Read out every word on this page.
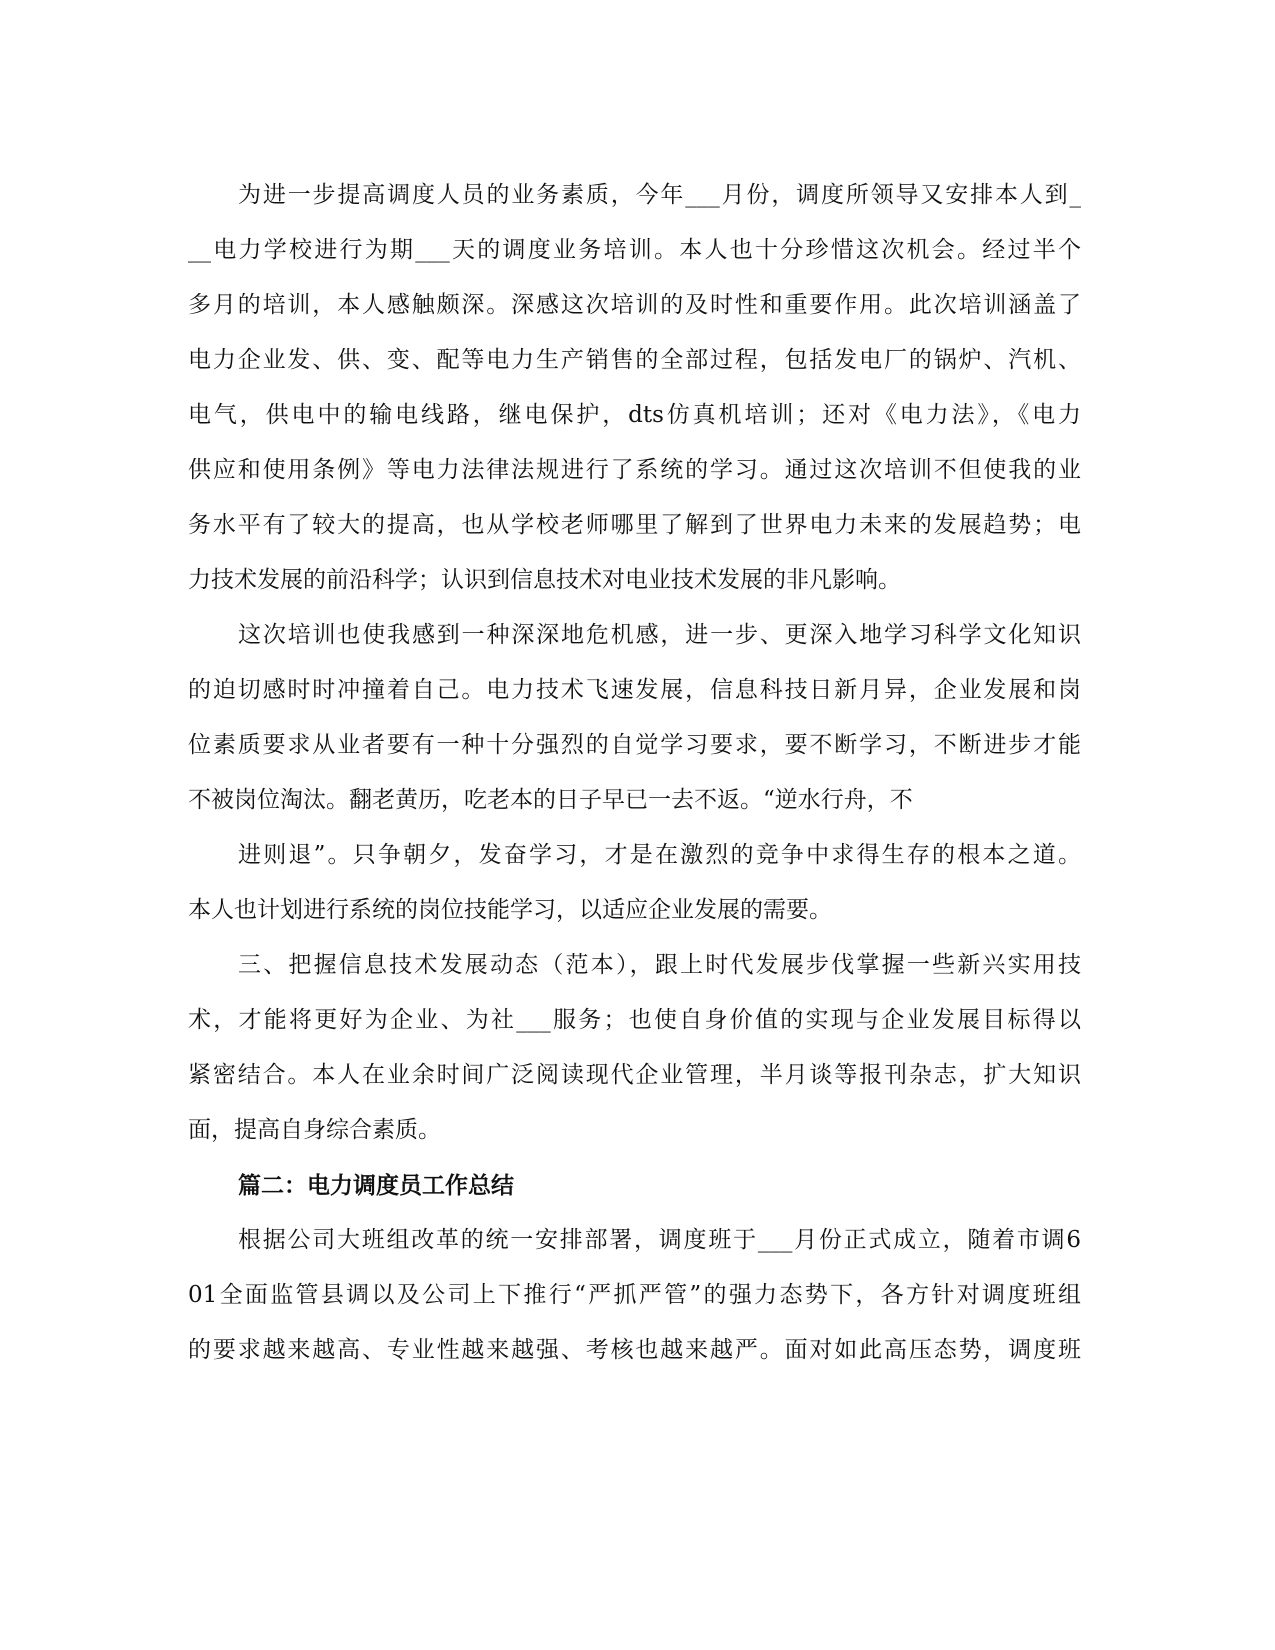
为进一步提高调度人员的业务素质，今年___月份，调度所领导又安排本人到_
__电力学校进行为期___天的调度业务培训。本人也十分珍惜这次机会。经过半个
多月的培训，本人感触颇深。深感这次培训的及时性和重要作用。此次培训涵盖了
电力企业发、供、变、配等电力生产销售的全部过程，包括发电厂的锅炉、汽机、
电气，供电中的输电线路，继电保护，dts仿真机培训；还对《电力法》，《电力
供应和使用条例》等电力法律法规进行了系统的学习。通过这次培训不但使我的业
务水平有了较大的提高，也从学校老师哪里了解到了世界电力未来的发展趋势；电
力技术发展的前沿科学；认识到信息技术对电业技术发展的非凡影响。
这次培训也使我感到一种深深地危机感，进一步、更深入地学习科学文化知识
的迫切感时时冲撞着自己。电力技术飞速发展，信息科技日新月异，企业发展和岗
位素质要求从业者要有一种十分强烈的自觉学习要求，要不断学习，不断进步才能
不被岗位淘汰。翻老黄历，吃老本的日子早已一去不返。“逆水行舟，不
进则退”。只争朝夕，发奋学习，才是在激烈的竞争中求得生存的根本之道。
本人也计划进行系统的岗位技能学习，以适应企业发展的需要。
三、把握信息技术发展动态（范本），跟上时代发展步伐掌握一些新兴实用技
术，才能将更好为企业、为社___服务；也使自身价值的实现与企业发展目标得以
紧密结合。本人在业余时间广泛阅读现代企业管理，半月谈等报刊杂志，扩大知识
面，提高自身综合素质。
篇二：电力调度员工作总结
根据公司大班组改革的统一安排部署，调度班于___月份正式成立，随着市调6
01全面监管县调以及公司上下推行“严抓严管”的强力态势下，各方针对调度班组
的要求越来越高、专业性越来越强、考核也越来越严。面对如此高压态势，调度班
